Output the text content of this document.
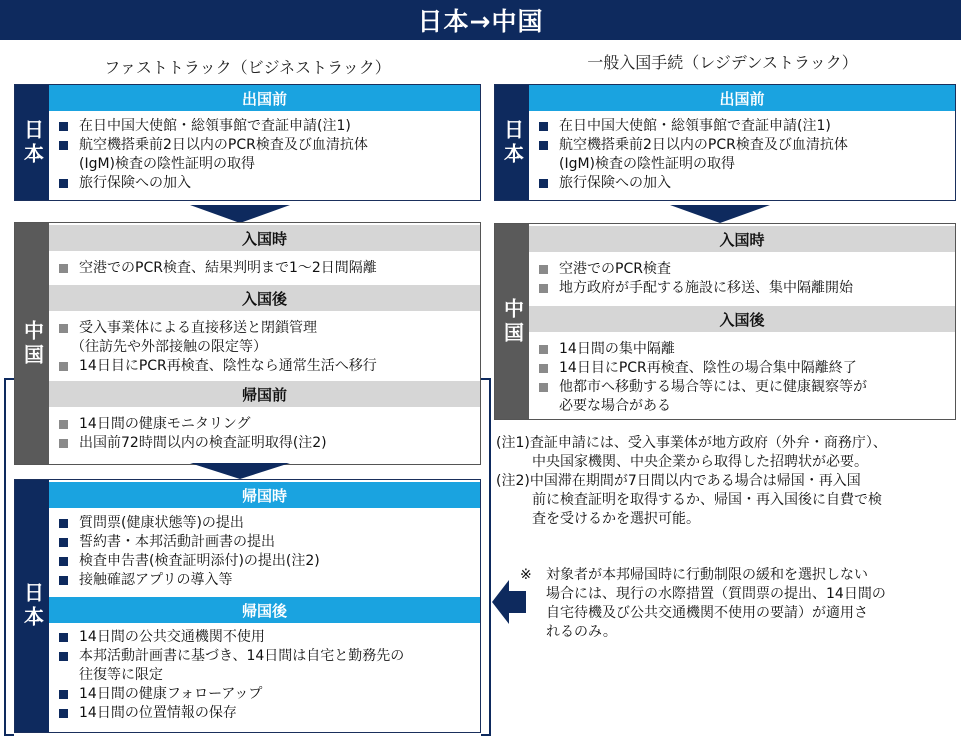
日本→中国
ファストトラック（ビジネストラック）	一般入国手続（レジデンストラック）
日本
出国前
在日中国大使館・総領事館で査証申請(注1)
航空機搭乗前2日以内のPCR検査及び血清抗体
(IgM)検査の陰性証明の取得
旅行保険への加入
中国
入国時
空港でのPCR検査、結果判明まで1～2日間隔離
入国後
受入事業体による直接移送と閉鎖管理
（往訪先や外部接触の限定等）
14日目にPCR再検査、陰性なら通常生活へ移行
帰国前
14日間の健康モニタリング
出国前72時間以内の検査証明取得(注2)
日本
帰国時
質問票(健康状態等)の提出
誓約書・本邦活動計画書の提出
検査申告書(検査証明添付)の提出(注2)
接触確認アプリの導入等
帰国後
14日間の公共交通機関不使用
本邦活動計画書に基づき、14日間は自宅と勤務先の
往復等に限定
14日間の健康フォローアップ
14日間の位置情報の保存
日本
出国前
在日中国大使館・総領事館で査証申請(注1)
航空機搭乗前2日以内のPCR検査及び血清抗体
(IgM)検査の陰性証明の取得
旅行保険への加入
中国
入国時
空港でのPCR検査
地方政府が手配する施設に移送、集中隔離開始
入国後
14日間の集中隔離
14日目にPCR再検査、陰性の場合集中隔離終了
他都市へ移動する場合等には、更に健康観察等が
必要な場合がある
(注1)査証申請には、受入事業体が地方政府（外弁・商務庁）、
中央国家機関、中央企業から取得した招聘状が必要。
(注2)中国滞在期間が7日間以内である場合は帰国・再入国
前に検査証明を取得するか、帰国・再入国後に自費で検
査を受けるかを選択可能。
※ 対象者が本邦帰国時に行動制限の緩和を選択しない
場合には、現行の水際措置（質問票の提出、14日間の
自宅待機及び公共交通機関不使用の要請）が適用さ
れるのみ。
